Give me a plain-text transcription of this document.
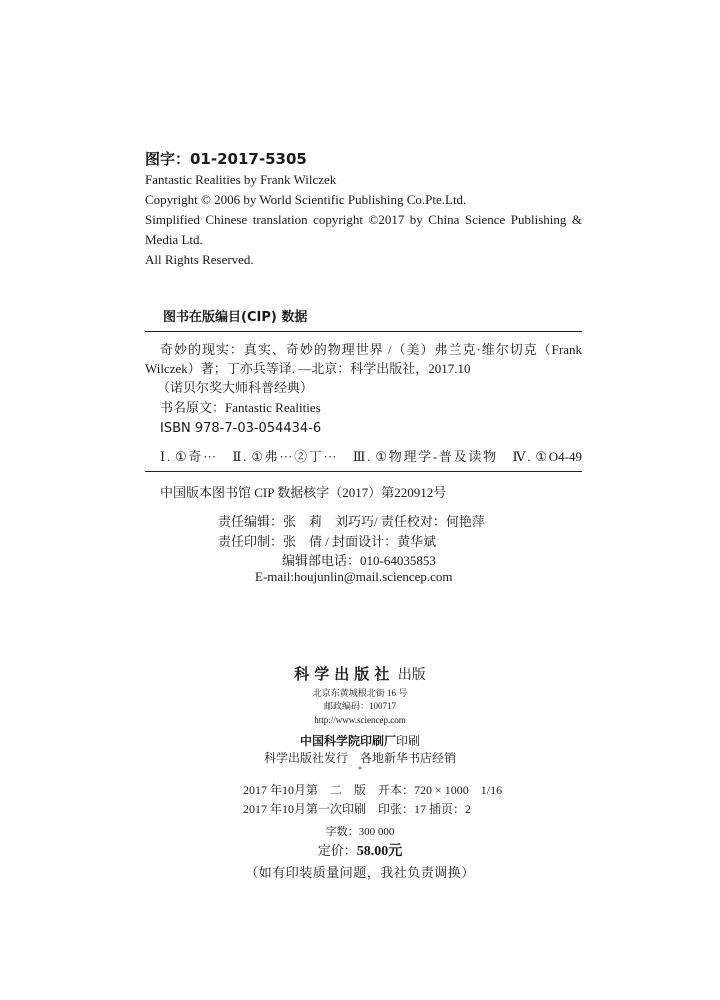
图字：01-2017-5305
Fantastic Realities by Frank Wilczek
Copyright © 2006 by World Scientific Publishing Co.Pte.Ltd.
Simplified Chinese translation copyright ©2017 by China Science Publishing &
Media Ltd.
All Rights Reserved.
图书在版编目(CIP) 数据
奇妙的现实：真实、奇妙的物理世界 /（美）弗兰克·维尔切克（Frank
Wilczek）著；丁亦兵等译. —北京：科学出版社，2017.10
（诺贝尔奖大师科普经典）
书名原文：Fantastic Realities
ISBN 978-7-03-054434-6
Ⅰ. ①奇···　Ⅱ. ①弗···②丁···　Ⅲ. ①物理学-普及读物　Ⅳ. ①O4-49
中国版本图书馆 CIP 数据核字（2017）第220912号
责任编辑：张　莉　刘巧巧/ 责任校对：何艳萍
责任印制：张　倩 / 封面设计：黄华斌
编辑部电话：010-64035853
E-mail:houjunlin@mail.sciencep.com
科学出版社 出版
北京东黄城根北街 16 号
邮政编码：100717
http://www.sciencep.com
中国科学院印刷厂印刷
科学出版社发行　各地新华书店经销
*
2017 年10月第　二　版　开本：720 × 1000　1/16
2017 年10月第一次印刷　印张：17 插页：2
字数：300 000
定价：58.00元
（如有印装质量问题，我社负责调换）
